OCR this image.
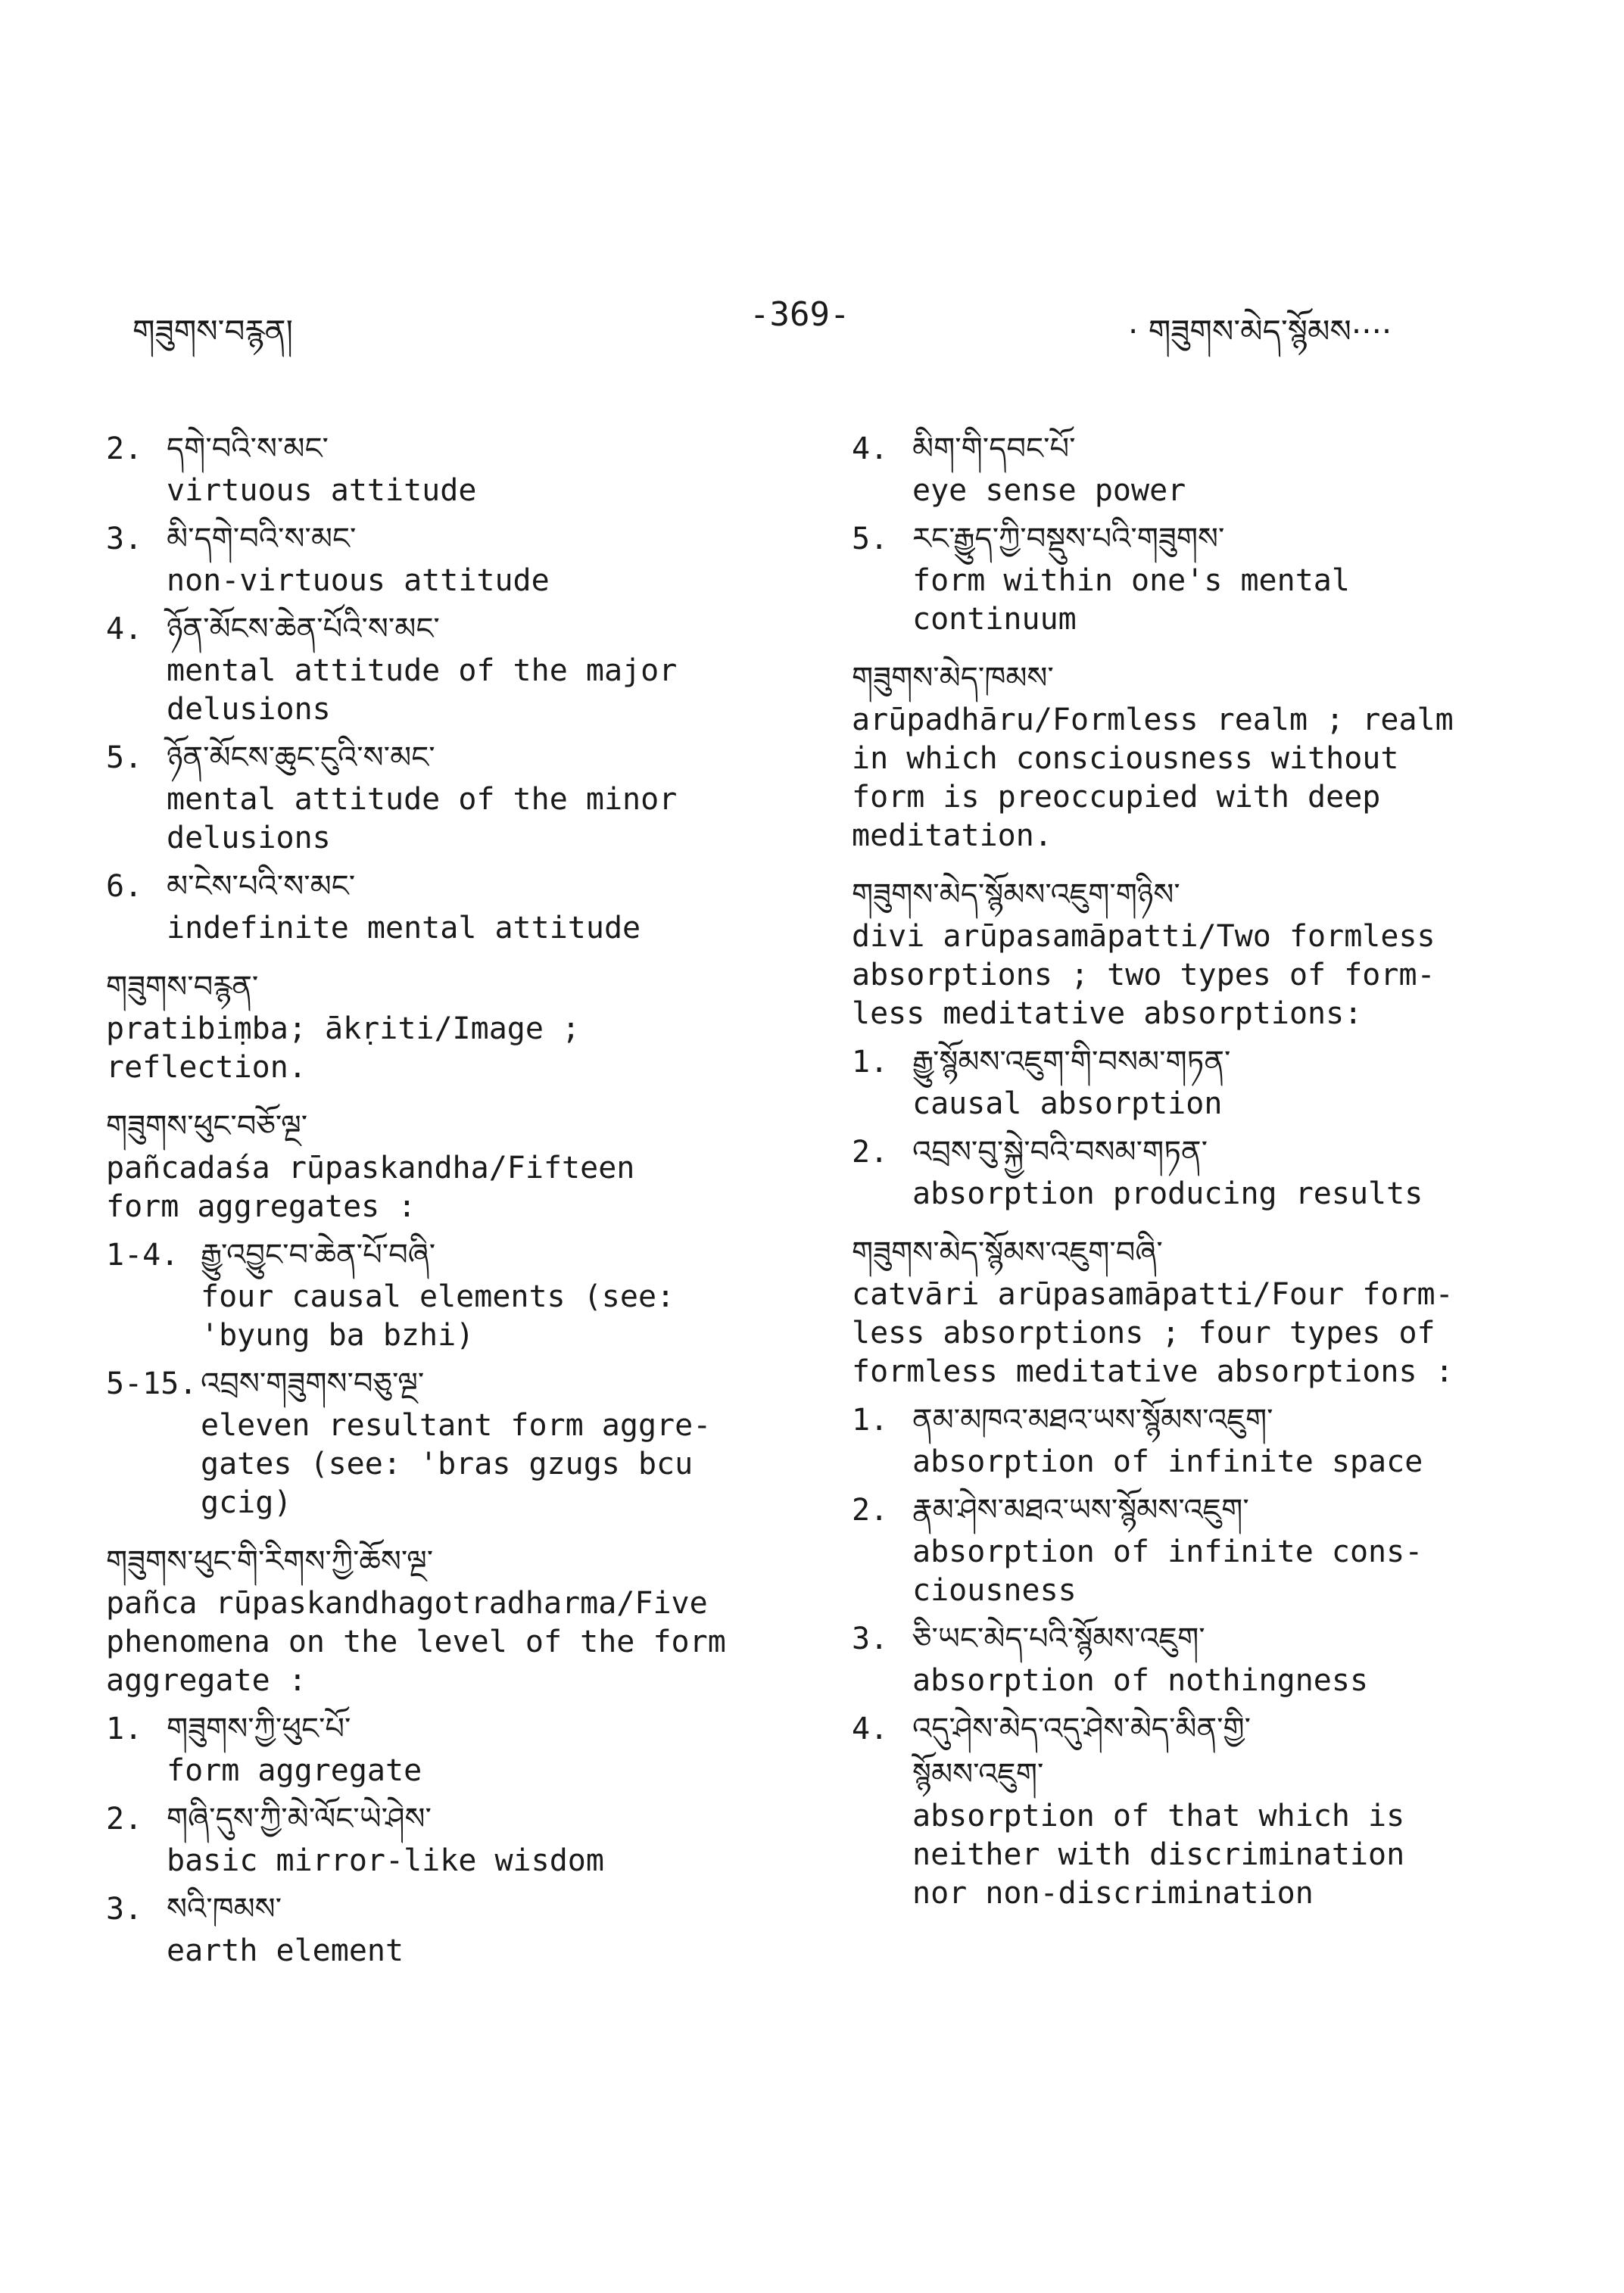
གཟུགས་བརྙན།	-369-	· གཟུགས་མེད་སྙོམས····
2. དགེ་བའི་ས་མང་
virtuous attitude
3. མི་དགེ་བའི་ས་མང་
non-virtuous attitude
4. ཉོན་མོངས་ཆེན་པོའི་ས་མང་
mental attitude of the major
delusions
5. ཉོན་མོངས་ཆུང་ངུའི་ས་མང་
mental attitude of the minor
delusions
6. མ་ངེས་པའི་ས་མང་
indefinite mental attitude
གཟུགས་བརྙན་
pratibiṃba; ākṛiti/Image ;
reflection.
གཟུགས་ཕུང་བཅོ་ལྔ་
pañcadaśa rūpaskandha/Fifteen
form aggregates :
1-4. རྒྱུ་འབྱུང་བ་ཆེན་པོ་བཞི་
four causal elements (see:
'byung ba bzhi)
5-15. འབྲས་གཟུགས་བཅུ་ལྔ་
eleven resultant form aggre-
gates (see: 'bras gzugs bcu
gcig)
གཟུགས་ཕུང་གི་རིགས་ཀྱི་ཆོས་ལྔ་
pañca rūpaskandhagotradharma/Five
phenomena on the level of the form
aggregate :
1. གཟུགས་ཀྱི་ཕུང་པོ་
form aggregate
2. གཞི་དུས་ཀྱི་མེ་ལོང་ཡེ་ཤེས་
basic mirror-like wisdom
3. སའི་ཁམས་
earth element
4. མིག་གི་དབང་པོ་
eye sense power
5. རང་རྒྱུད་ཀྱི་བསྡུས་པའི་གཟུགས་
form within one's mental
continuum
གཟུགས་མེད་ཁམས་
arūpadhāru/Formless realm ; realm
in which consciousness without
form is preoccupied with deep
meditation.
གཟུགས་མེད་སྙོམས་འཇུག་གཉིས་
divi arūpasamāpatti/Two formless
absorptions ; two types of form-
less meditative absorptions:
1. རྒྱུ་སྙོམས་འཇུག་གི་བསམ་གཏན་
causal absorption
2. འབྲས་བུ་སྐྱེ་བའི་བསམ་གཏན་
absorption producing results
གཟུགས་མེད་སྙོམས་འཇུག་བཞི་
catvāri arūpasamāpatti/Four form-
less absorptions ; four types of
formless meditative absorptions :
1. ནམ་མཁའ་མཐའ་ཡས་སྙོམས་འཇུག་
absorption of infinite space
2. རྣམ་ཤེས་མཐའ་ཡས་སྙོམས་འཇུག་
absorption of infinite cons-
ciousness
3. ཅི་ཡང་མེད་པའི་སྙོམས་འཇུག་
absorption of nothingness
4. འདུ་ཤེས་མེད་འདུ་ཤེས་མེད་མིན་གྱི་
སྙོམས་འཇུག་
absorption of that which is
neither with discrimination
nor non-discrimination
